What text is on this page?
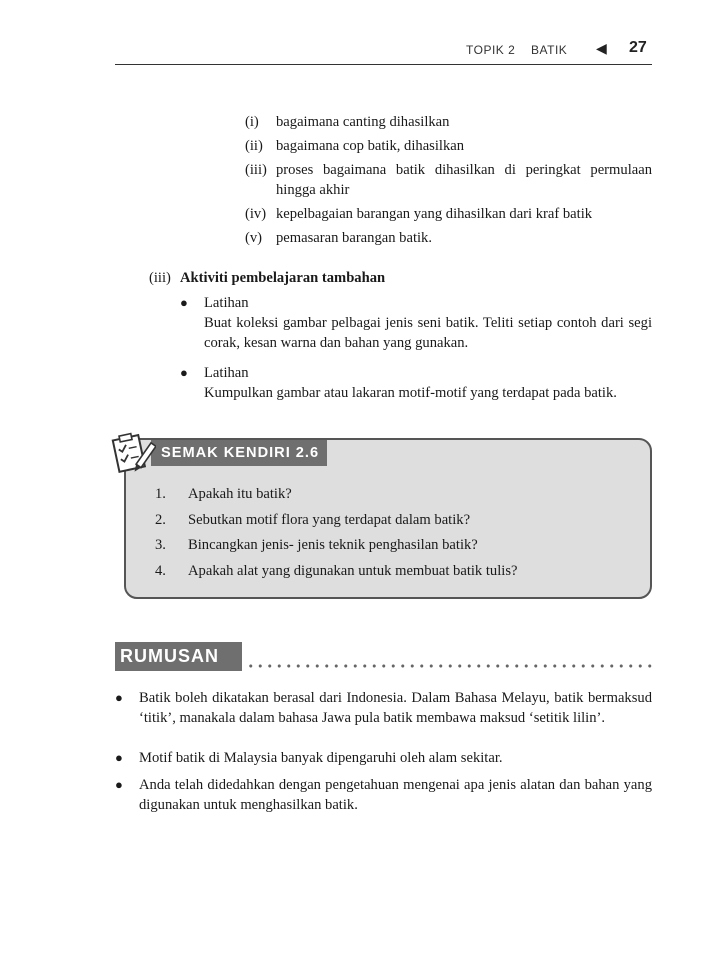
TOPIK 2 BATIK ◀ 27
(i)	bagaimana canting dihasilkan
(ii) bagaimana cop batik, dihasilkan
(iii) proses bagaimana batik dihasilkan di peringkat permulaan hingga akhir
(iv) kepelbagaian barangan yang dihasilkan dari kraf batik
(v) pemasaran barangan batik.
(iii) Aktiviti pembelajaran tambahan
● Latihan
Buat koleksi gambar pelbagai jenis seni batik. Teliti setiap contoh dari segi corak, kesan warna dan bahan yang gunakan.
● Latihan
Kumpulkan gambar atau lakaran motif-motif yang terdapat pada batik.
SEMAK KENDIRI 2.6
1.	Apakah itu batik?
2.	Sebutkan motif flora yang terdapat dalam batik?
3.	Bincangkan jenis- jenis teknik penghasilan batik?
4.	Apakah alat yang digunakan untuk membuat batik tulis?
RUMUSAN
● Batik boleh dikatakan berasal dari Indonesia. Dalam Bahasa Melayu, batik bermaksud ‘titik’, manakala dalam bahasa Jawa pula batik membawa maksud ‘setitik lilin’.
● Motif batik di Malaysia banyak dipengaruhi oleh alam sekitar.
● Anda telah didedahkan dengan pengetahuan mengenai apa jenis alatan dan bahan yang digunakan untuk menghasilkan batik.
